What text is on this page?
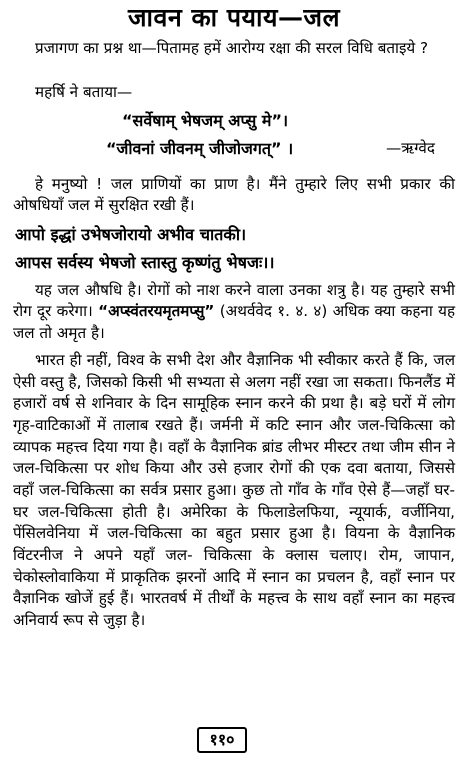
जावन का पयाय—जल

प्रजागण का प्रश्न था—पितामह हमें आरोग्य रक्षा की सरल विधि बताइये ?

महर्षि ने बताया—

“सर्वेषाम् भेषजम् अप्सु मे”।

“जीवनां जीवनम् जीजोजगत्” ।	—ऋग्वेद

हे मनुष्यो ! जल प्राणियों का प्राण है। मैंने तुम्हारे लिए सभी प्रकार की ओषधियाँ जल में सुरक्षित रखी हैं।

आपो इद्धां उभेषजोरायो अभीव चातकी।

आपस सर्वस्य भेषजो स्तास्तु कृष्णंतु भेषजः।।

यह जल औषधि है। रोगों को नाश करने वाला उनका शत्रु है। यह तुम्हारे सभी रोग दूर करेगा। “अप्स्वंतरयमृतमप्सु” (अथर्ववेद १. ४. ४) अधिक क्या कहना यह जल तो अमृत है।

भारत ही नहीं, विश्व के सभी देश और वैज्ञानिक भी स्वीकार करते हैं कि, जल ऐसी वस्तु है, जिसको किसी भी सभ्यता से अलग नहीं रखा जा सकता। फिनलैंड में हजारों वर्ष से शनिवार के दिन सामूहिक स्नान करने की प्रथा है। बड़े घरों में लोग गृह-वाटिकाओं में तालाब रखते हैं। जर्मनी में कटि स्नान और जल-चिकित्सा को व्यापक महत्त्व दिया गया है। वहाँ के वैज्ञानिक ब्रांड लीभर मीस्टर तथा जीम सीन ने जल-चिकित्सा पर शोध किया और उसे हजार रोगों की एक दवा बताया, जिससे वहाँ जल-चिकित्सा का सर्वत्र प्रसार हुआ। कुछ तो गाँव के गाँव ऐसे हैं—जहाँ घर-घर जल-चिकित्सा होती है। अमेरिका के फिलाडेलफिया, न्यूयार्क, वर्जीनिया, पेंसिलवेनिया में जल-चिकित्सा का बहुत प्रसार हुआ है। वियना के वैज्ञानिक विंटरनीज ने अपने यहाँ जल- चिकित्सा के क्लास चलाए। रोम, जापान, चेकोस्लोवाकिया में प्राकृतिक झरनों आदि में स्नान का प्रचलन है, वहाँ स्नान पर वैज्ञानिक खोजें हुई हैं। भारतवर्ष में तीर्थों के महत्त्व के साथ वहाँ स्नान का महत्त्व अनिवार्य रूप से जुड़ा है।

११०
